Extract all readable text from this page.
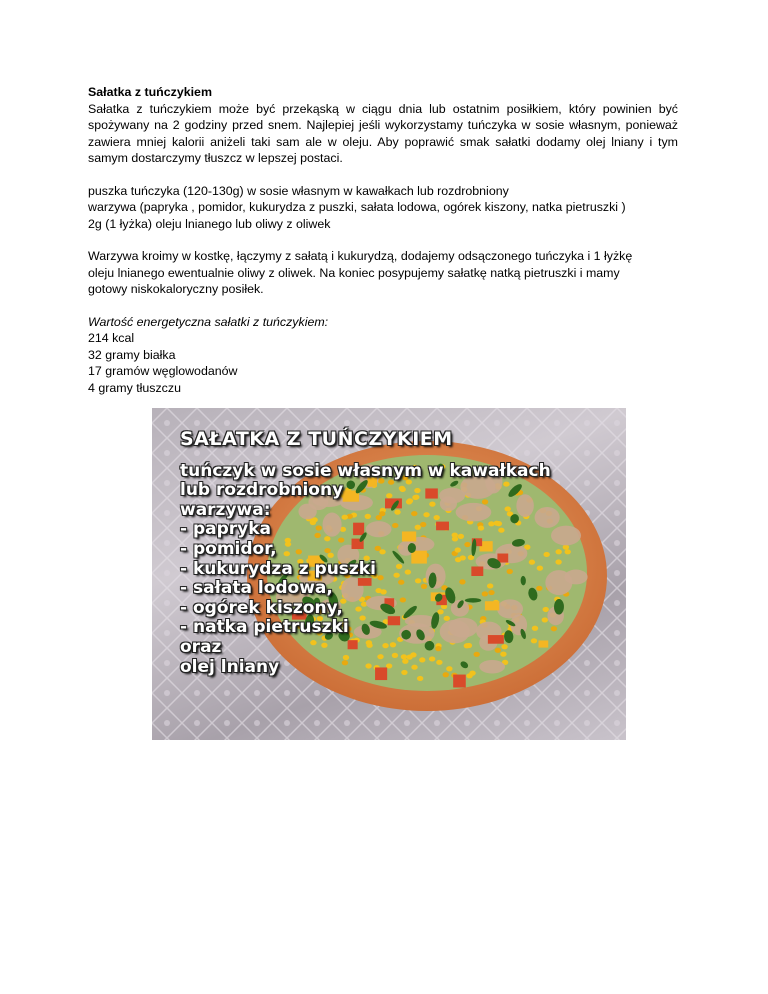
Sałatka z tuńczykiem

Sałatka z tuńczykiem może być przekąską w ciągu dnia lub ostatnim posiłkiem, który powinien być spożywany na 2 godziny przed snem. Najlepiej jeśli wykorzystamy tuńczyka w sosie własnym, ponieważ zawiera mniej kalorii aniżeli taki sam ale w oleju. Aby poprawić smak sałatki dodamy olej lniany i tym samym dostarczymy tłuszcz w lepszej postaci.

puszka tuńczyka (120-130g) w sosie własnym w kawałkach lub rozdrobniony

warzywa (papryka , pomidor, kukurydza z puszki, sałata lodowa, ogórek kiszony, natka pietruszki )

2g (1 łyżka) oleju lnianego lub oliwy z oliwek

Warzywa kroimy w kostkę, łączymy z sałatą i kukurydzą, dodajemy odsączonego tuńczyka i 1 łyżkę

oleju lnianego ewentualnie oliwy z oliwek. Na koniec posypujemy sałatkę natką pietruszki i mamy

gotowy niskokaloryczny posiłek.

Wartość energetyczna sałatki z tuńczykiem:

214 kcal

32 gramy białka

17 gramów węglowodanów

4 gramy tłuszczu

SAŁATKA Z TUŃCZYKIEM
tuńczyk w sosie własnym w kawałkach
lub rozdrobniony
warzywa:
- papryka
- pomidor,
- kukurydza z puszki
- sałata lodowa,
- ogórek kiszony,
- natka pietruszki
oraz
olej lniany
